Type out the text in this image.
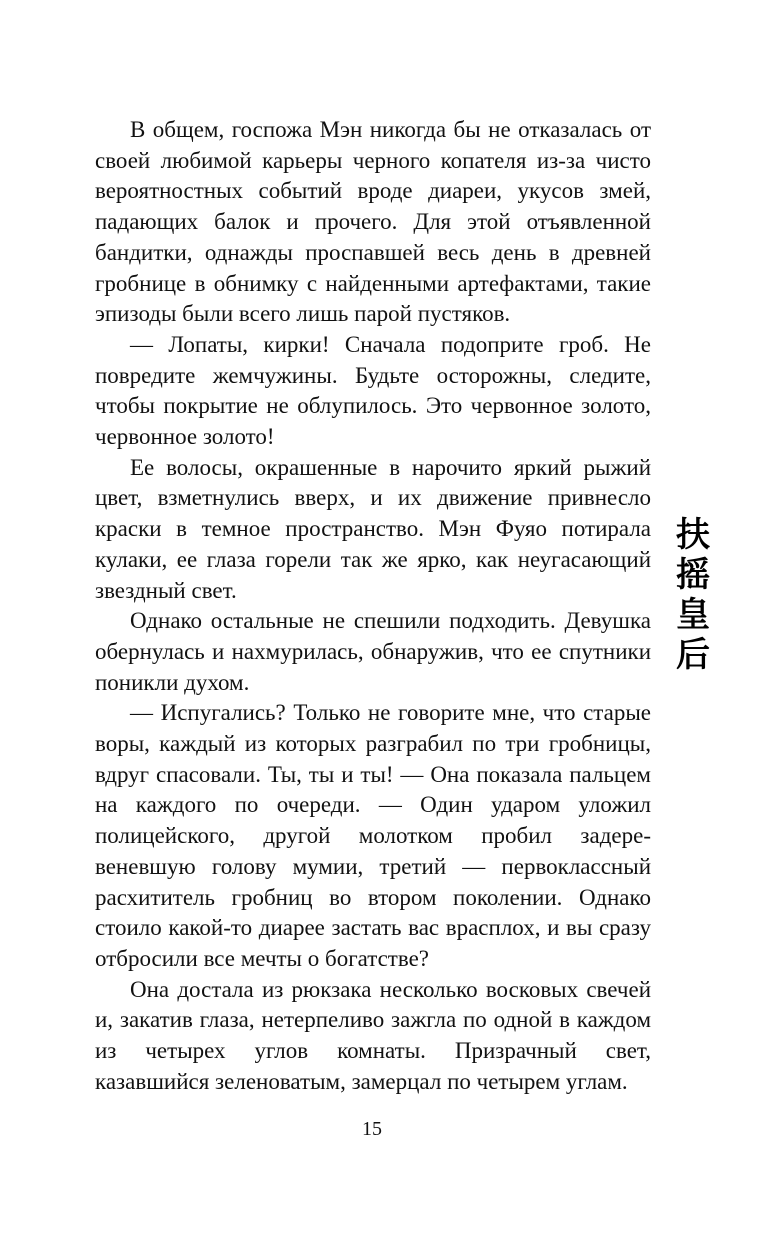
В общем, госпожа Мэн никогда бы не отказалась от своей любимой карьеры черного копателя из-за чисто вероятностных событий вроде диареи, укусов змей, падающих балок и прочего. Для этой отъявленной бандитки, однажды проспавшей весь день в древней гробнице в обнимку с найденными артефактами, такие эпизоды были всего лишь парой пустяков.

— Лопаты, кирки! Сначала подоприте гроб. Не повредите жемчужины. Будьте осторожны, следите, чтобы покрытие не облупилось. Это червонное золото, червонное золото!

Ее волосы, окрашенные в нарочито яркий рыжий цвет, взметнулись вверх, и их движение привнесло краски в темное пространство. Мэн Фуяо потирала кулаки, ее глаза горели так же ярко, как неугасающий звездный свет.

Однако остальные не спешили подходить. Девушка обернулась и нахмурилась, обнаружив, что ее спутники поникли духом.

— Испугались? Только не говорите мне, что старые воры, каждый из которых разграбил по три гробницы, вдруг спасовали. Ты, ты и ты! — Она показала пальцем на каждого по очереди. — Один ударом уложил полицейского, другой молотком пробил задеревеневшую голову мумии, третий — первоклассный расхититель гробниц во втором поколении. Однако стоило какой-то диарее застать вас врасплох, и вы сразу отбросили все мечты о богатстве?

Она достала из рюкзака несколько восковых свечей и, закатив глаза, нетерпеливо зажгла по одной в каждом из четырех углов комнаты. Призрачный свет, казавшийся зеленоватым, замерцал по четырем углам.

扶
摇
皇
后
15
